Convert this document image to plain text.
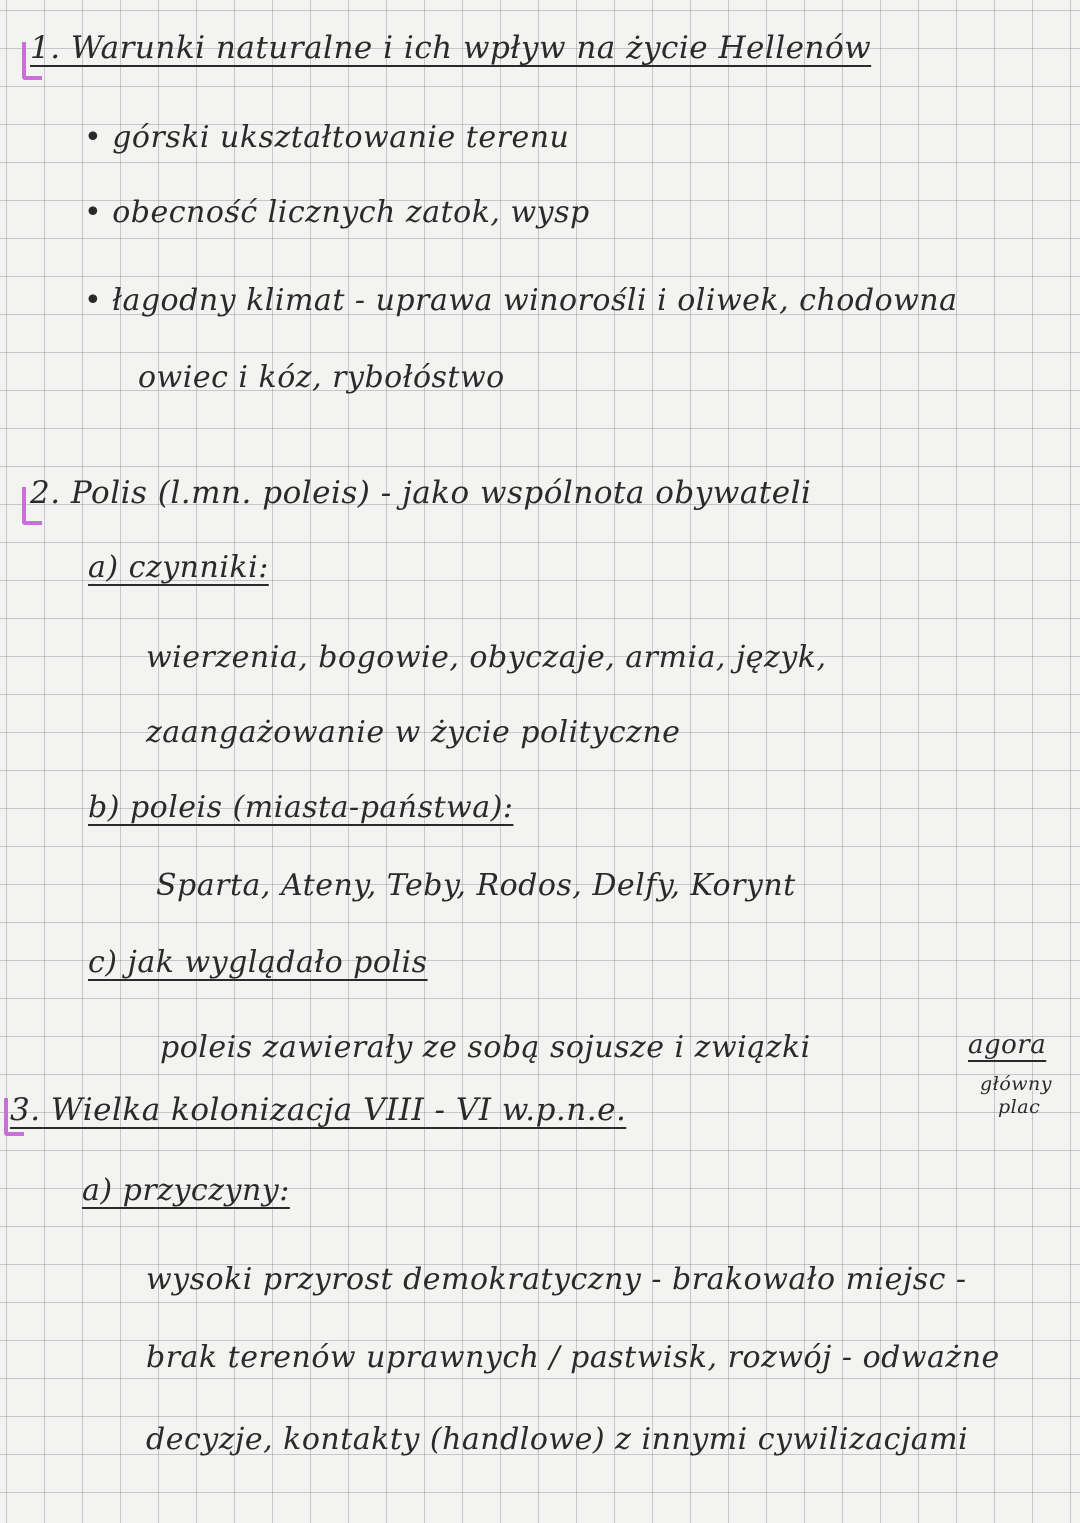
1. Warunki naturalne i ich wpływ na życie Hellenów
• górski ukształtowanie terenu
• obecność licznych zatok, wysp
• łagodny klimat - uprawa winorośli i oliwek, chodowna
owiec i kóz, rybołóstwo
2. Polis (l.mn. poleis) - jako wspólnota obywateli
a) czynniki:
wierzenia, bogowie, obyczaje, armia, język,
zaangażowanie w życie polityczne
b) poleis (miasta-państwa):
Sparta, Ateny, Teby, Rodos, Delfy, Korynt
c) jak wyglądało polis
poleis zawierały ze sobą sojusze i związki	agora
główny
plac
3. Wielka kolonizacja VIII - VI w.p.n.e.
a) przyczyny:
wysoki przyrost demokratyczny - brakowało miejsc -
brak terenów uprawnych / pastwisk, rozwój - odważne
decyzje, kontakty (handlowe) z innymi cywilizacjami
